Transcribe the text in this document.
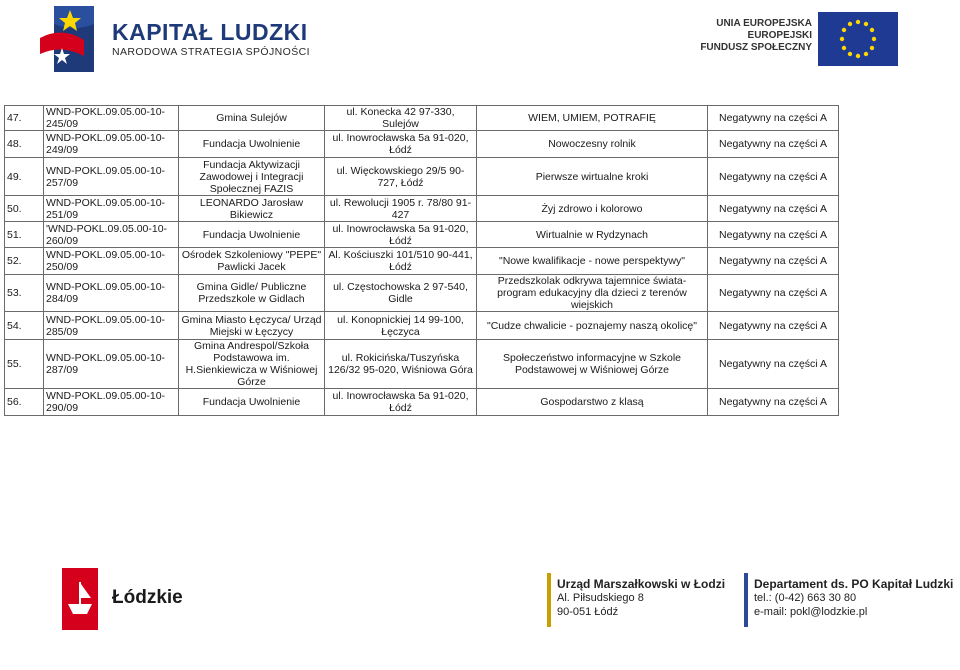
KAPITAŁ LUDZKI
NARODOWA STRATEGIA SPÓJNOŚCI
UNIA EUROPEJSKA
EUROPEJSKI
FUNDUSZ SPOŁECZNY
47.	WND-POKL.09.05.00-10-245/09	Gmina Sulejów	ul. Konecka 42 97-330, Sulejów	WIEM, UMIEM, POTRAFIĘ	Negatywny na części A
48.	WND-POKL.09.05.00-10-249/09	Fundacja Uwolnienie	ul. Inowrocławska 5a 91-020, Łódź	Nowoczesny rolnik	Negatywny na części A
49.	WND-POKL.09.05.00-10-257/09	Fundacja Aktywizacji Zawodowej i Integracji Społecznej FAZIS	ul. Więckowskiego 29/5 90-727, Łódź	Pierwsze wirtualne kroki	Negatywny na części A
50.	WND-POKL.09.05.00-10-251/09	LEONARDO Jarosław Bikiewicz	ul. Rewolucji 1905 r. 78/80 91-427	Żyj zdrowo i kolorowo	Negatywny na części A
51.	'WND-POKL.09.05.00-10-260/09	Fundacja Uwolnienie	ul. Inowrocławska 5a 91-020, Łódź	Wirtualnie w Rydzynach	Negatywny na części A
52.	WND-POKL.09.05.00-10-250/09	Ośrodek Szkoleniowy "PEPE" Pawlicki Jacek	Al. Kościuszki 101/510 90-441, Łódź	"Nowe kwalifikacje - nowe perspektywy"	Negatywny na części A
53.	WND-POKL.09.05.00-10-284/09	Gmina Gidle/ Publiczne Przedszkole w Gidlach	ul. Częstochowska 2 97-540, Gidle	Przedszkolak odkrywa tajemnice świata- program edukacyjny dla dzieci z terenów wiejskich	Negatywny na części A
54.	WND-POKL.09.05.00-10-285/09	Gmina Miasto Łęczyca/ Urząd Miejski w Łęczycy	ul. Konopnickiej 14 99-100, Łęczyca	"Cudze chwalicie - poznajemy naszą okolicę"	Negatywny na części A
55.	WND-POKL.09.05.00-10-287/09	Gmina Andrespol/Szkoła Podstawowa im. H.Sienkiewicza w Wiśniowej Górze	ul. Rokicińska/Tuszyńska 126/32 95-020, Wiśniowa Góra	Społeczeństwo informacyjne w Szkole Podstawowej w Wiśniowej Górze	Negatywny na części A
56.	WND-POKL.09.05.00-10-290/09	Fundacja Uwolnienie	ul. Inowrocławska 5a 91-020, Łódź	Gospodarstwo z klasą	Negatywny na części A
Łódzkie
Urząd Marszałkowski w Łodzi
Al. Piłsudskiego 8
90-051 Łódź
Departament ds. PO Kapitał Ludzki
tel.: (0-42) 663 30 80
e-mail: pokl@lodzkie.pl
